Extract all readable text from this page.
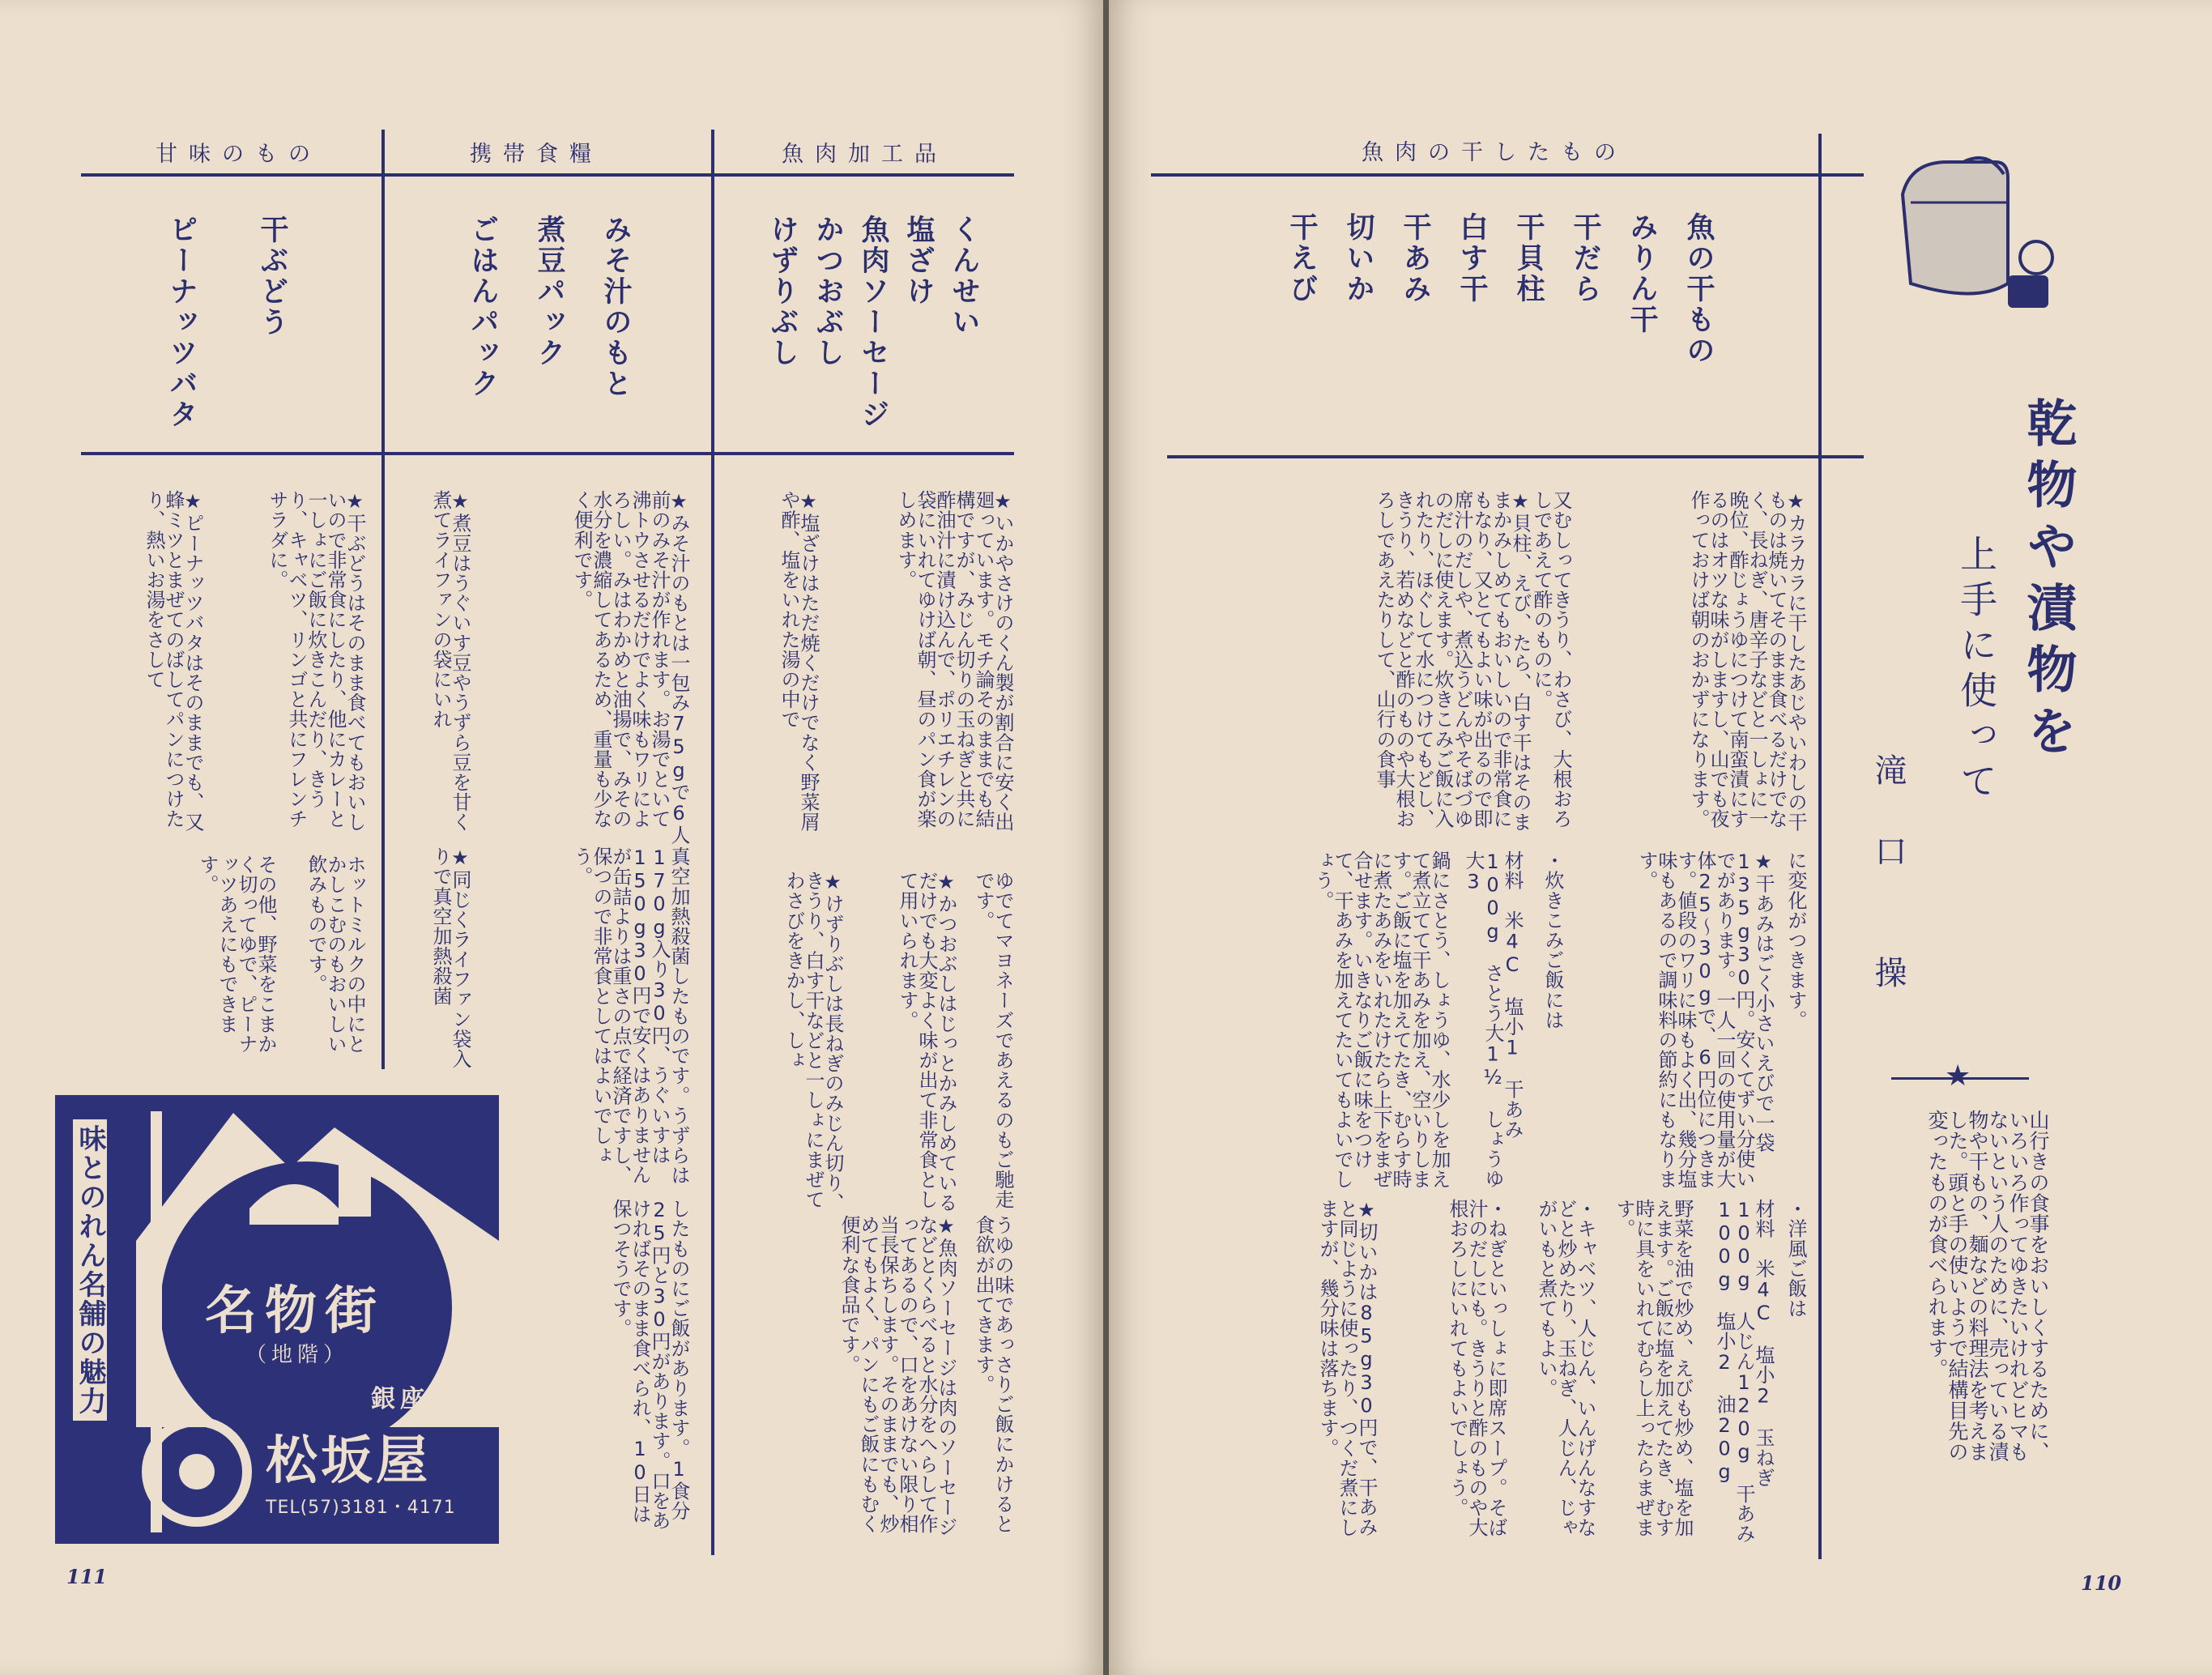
甘味のもの	携帯食糧	魚肉加工品
くんせい
塩ざけ
魚肉ソーセージ
かつおぶし
けずりぶし
みそ汁のもと
煮豆パック
ごはんパック
干ぶどう
ピーナッツバタ
★いかやさけのくん製が割合に安く出廻っています。モチ論そのままでも結構ですが、みじん切りの玉ねぎと共に酢油汁に漬け込んで、ポリエチレンの袋にいれてゆけば朝、昼のパン食が楽しめます。
★塩ざけはただ焼くだけでなく野菜屑や酢、塩をいれた湯の中で
ゆでてマヨネーズであえるのもご馳走です。
★かつおぶしはじっとかみしめているだけでも大変よく味が出て非常食として用いられます。
★けずりぶしは長ねぎのみじん切り、きうり、白す干などと一しょにまぜてわさびをきかし、しょ
うゆの味であっさりご飯にかけると食欲が出てきます。
★魚肉ソーセージは肉のソーセージなどとくらべると水分をへらして作ってあるので、口をあけない限り相当長保ちします。そのままでも、炒めてもよく、パンにもご飯にもむく便利な食品です。
★みそ汁のもとは一包み75gで6人前のみそ汁が作れます。お湯でといて沸トウさせるだけでよく味もワリによろしい。みはわかめと油揚で、みその水分を濃縮してあるため、重量も少なく便利です。
★煮豆はうぐいす豆やうずら豆を甘く煮てライファンの袋にいれ
真空加熱殺菌したものです。うずらは170g入り30円、うぐいすは150g30円で安くはありませんが缶詰よりは重さの点で経済ですし、保つので非常食としてはよいでしょう。
★同じくライファン袋入りで真空加熱殺菌
したものにご飯があります。1食分25円と30円があります。口をあければそのまま食べられ、10日は保つそうです。
★干ぶどうはそのまま食べてもおいしいので非常食にしたり、他にカレーと一しょにご飯に炊きこんだり、きうり、キャベツ、リンゴと共にフレンチサラダに。
★ピーナッツバタはそのままでも、又蜂ミツとまぜてのばしてパンにつけたり、熱いお湯をさして
ホットミルクの中にとかしこむのもおいしい飲みものです。
その他、野菜をこまかく切ってゆで、ピーナッツあえにもできます。
味とのれん名舗の魅力 名物街
（地階）
銀座
松坂屋
TEL(57)3181・4171
111
魚肉の干したもの
魚の干もの
みりん干
干だら
干貝柱
白す干
干あみ
切いか
干えび
乾物や漬物を
上手に使って
滝口
操
★
山行きの食事をおいしくするために、いろいろ作ってゆきたいけれどヒマもないという人のために、売っている漬物や干もの、麺などの料理法を考えました。頭と手の使いようで結構目先の変ったものが食べられます。
★カラカラに干したあじやいわしの干ものは焼いてそのまま食べるだけでなく、長ねぎ、唐辛子などと一しょに一晩位、酢じょうゆにつけて南蛮漬にするのはオツな味がしますし、山でも夜作っておけば朝のおかずになります。
又むしってきうり、わさび、大根おろしであえて酢のものに。
★貝柱、えび、たら、白す干はそのままかみしめてもおいしいので非常食にもなり、又とてもよい味が出るので即席汁のだしや、煮込うどんやそばづゆのだしに使えます。炊きこみご飯に入れたり、ほぐして水につけてもどし、きうり、若めなどと酢のものや大根おろしであえたりして、山行の食事
に変化がつきます。
★干あみはごく小さいえびで一袋135g30円。安くてずい分使いでがあります。一人一回の使用量が大体25〜30gで、6円位につきます。値段のワリに味もよく出、幾分塩味もあるので調味料の節約にもなります。
・炊きこみご飯には
材料　米4C　塩小1　干あみ100g　さとう大1½　しょうゆ大3
鍋にさとう、しょうゆ、水少しを加えて煮立てて干あみを加え、空いりします。ご飯に塩を加えてたき、むらす時に煮たあみをいれたけたら上下をまぜ合せます。いきなりご飯に味をつけて、干あみを加えてたいてもよいでしょう。
・洋風ご飯は
材料　米4C　塩小2　玉ねぎ100g　人じん120g　干あみ100g　塩小2　油20g
野菜を油で炒め、えびも炒め、塩を加えます。ご飯に塩を加えてたき、むす時に具をいれてむらし上ったらまぜます。
・キャベツ、人じん、いんげんなすなどと炒めたり、玉ねぎ、人じん、じゃがいもと煮てもよい。
・ねぎといっしょに即席スープ。そば汁のだしにも。きうりと酢のものや大根おろしにいれてもよいでしょう。
★切いかは85g30円で、干あみと同じように使ったり、つくだ煮にしますが、幾分味は落ちます。
110
